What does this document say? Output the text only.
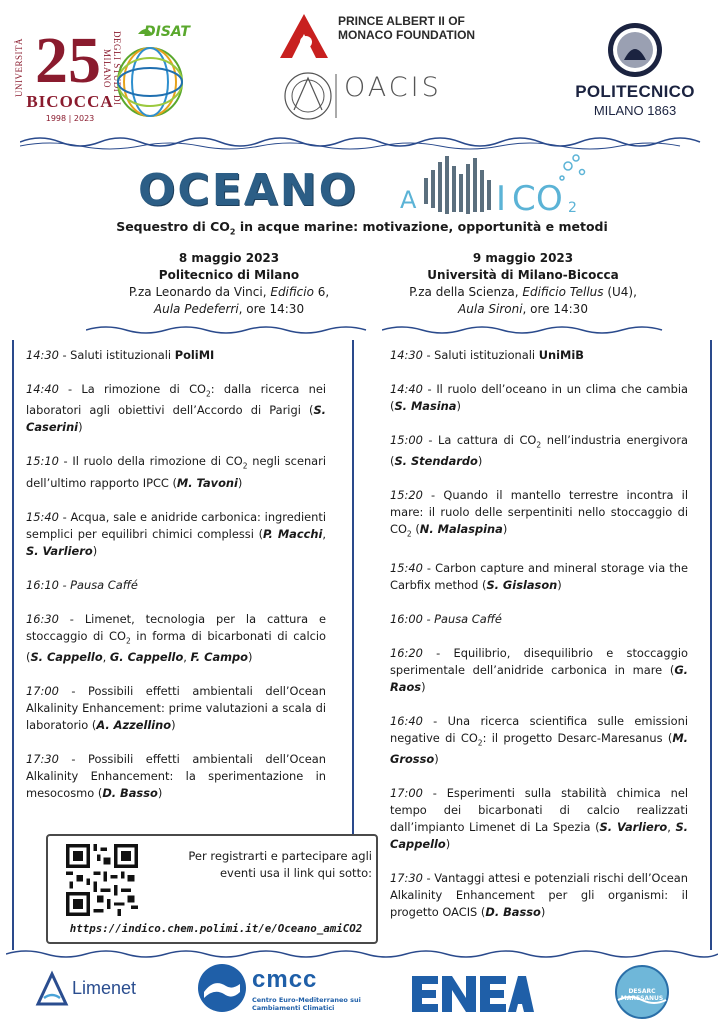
UNIVERSITÀ 25	DEGLI STUDI DI MILANO
BICOCCA
1998 | 2023
DISAT
PRINCE ALBERT II OF MONACO FOUNDATION
OACIS	POLITECNICO
MILANO 1863
OCEANO A I C O 2
Sequestro di $CO_2$ in acque marine: motivazione, opportunità e metodi
8 maggio 2023
Politecnico di Milano
P.za Leonardo da Vinci, Edificio 6,
Aula Pedeferri, ore 14:30
9 maggio 2023
Università di Milano-Bicocca
P.za della Scienza, Edificio Tellus (U4),
Aula Sironi, ore 14:30
14:30 - Saluti istituzionali PoliMI
14:40 - La rimozione di $CO_2$: dalla ricerca nei laboratori agli obiettivi dell’Accordo di Parigi (S. Caserini)
15:10 - Il ruolo della rimozione di $CO_2$ negli scenari dell’ultimo rapporto IPCC (M. Tavoni)
15:40 - Acqua, sale e anidride carbonica: ingredienti semplici per equilibri chimici complessi (P. Macchi, S. Varliero)
16:10 - Pausa Caffé
16:30 - Limenet, tecnologia per la cattura e stoccaggio di $CO_2$ in forma di bicarbonati di calcio (S. Cappello, G. Cappello, F. Campo)
17:00 - Possibili effetti ambientali dell’Ocean Alkalinity Enhancement: prime valutazioni a scala di laboratorio (A. Azzellino)
17:30 - Possibili effetti ambientali dell’Ocean Alkalinity Enhancement: la sperimentazione in mesocosmo (D. Basso)
14:30 - Saluti istituzionali UniMiB
14:40 - Il ruolo dell’oceano in un clima che cambia (S. Masina)
15:00 - La cattura di $CO_2$ nell’industria energivora (S. Stendardo)
15:20 - Quando il mantello terrestre incontra il mare: il ruolo delle serpentiniti nello stoccaggio di $CO_2$ (N. Malaspina)
15:40 - Carbon capture and mineral storage via the Carbfix method (S. Gislason)
16:00 - Pausa Caffé
16:20 - Equilibrio, disequilibrio e stoccaggio sperimentale dell’anidride carbonica in mare (G. Raos)
16:40 - Una ricerca scientifica sulle emissioni negative di $CO_2$: il progetto Desarc-Maresanus (M. Grosso)
17:00 - Esperimenti sulla stabilità chimica nel tempo dei bicarbonati di calcio realizzati dall’impianto Limenet di La Spezia (S. Varliero, S. Cappello)
17:30 - Vantaggi attesi e potenziali rischi dell’Ocean Alkalinity Enhancement per gli organismi: il progetto OACIS (D. Basso)
Per registrarti e partecipare agli eventi usa il link qui sotto:
https://indico.chem.polimi.it/e/Oceano_amiCO2
Limenet	cmcc
Centro Euro-Mediterraneo sui Cambiamenti Climatici
DESARC MARESANUS
